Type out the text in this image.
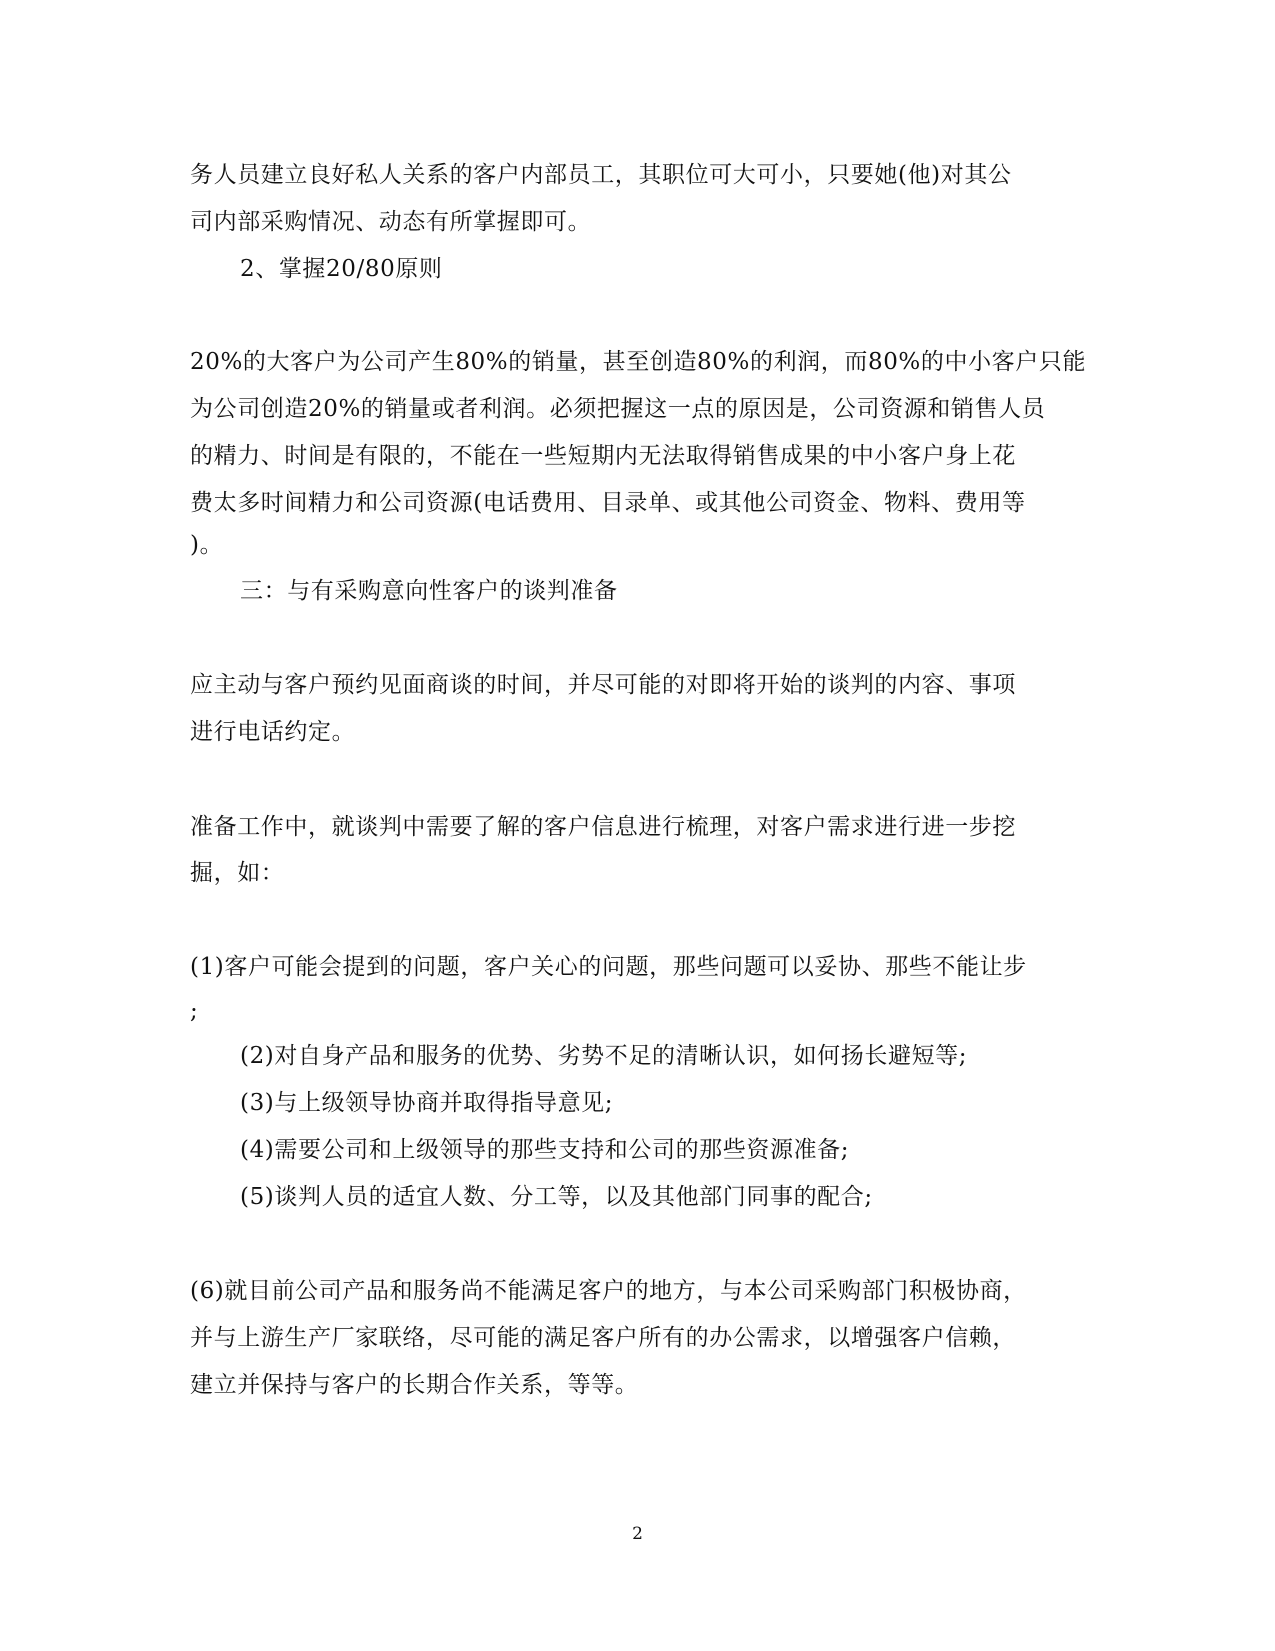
务人员建立良好私人关系的客户内部员工，其职位可大可小，只要她(他)对其公
司内部采购情况、动态有所掌握即可。
2、掌握20/80原则
20%的大客户为公司产生80%的销量，甚至创造80%的利润，而80%的中小客户只能
为公司创造20%的销量或者利润。必须把握这一点的原因是，公司资源和销售人员
的精力、时间是有限的，不能在一些短期内无法取得销售成果的中小客户身上花
费太多时间精力和公司资源(电话费用、目录单、或其他公司资金、物料、费用等
)。
三：与有采购意向性客户的谈判准备
应主动与客户预约见面商谈的时间，并尽可能的对即将开始的谈判的内容、事项
进行电话约定。
准备工作中，就谈判中需要了解的客户信息进行梳理，对客户需求进行进一步挖
掘，如：
(1)客户可能会提到的问题，客户关心的问题，那些问题可以妥协、那些不能让步
;
(2)对自身产品和服务的优势、劣势不足的清晰认识，如何扬长避短等;
(3)与上级领导协商并取得指导意见;
(4)需要公司和上级领导的那些支持和公司的那些资源准备;
(5)谈判人员的适宜人数、分工等，以及其他部门同事的配合;
(6)就目前公司产品和服务尚不能满足客户的地方，与本公司采购部门积极协商，
并与上游生产厂家联络，尽可能的满足客户所有的办公需求，以增强客户信赖，
建立并保持与客户的长期合作关系，等等。
2
